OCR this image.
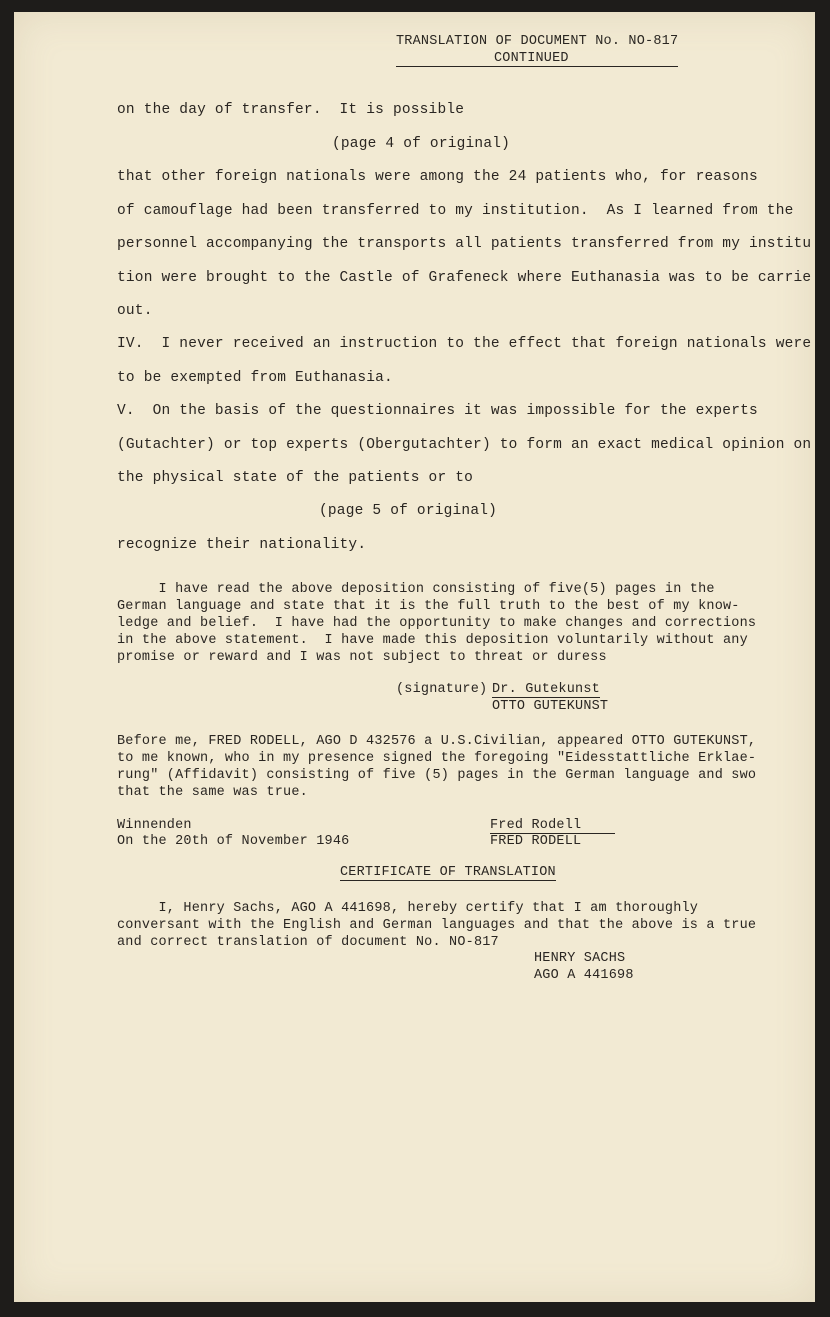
TRANSLATION OF DOCUMENT No. NO-817
CONTINUED
on the day of transfer.  It is possible
(page 4 of original)
that other foreign nationals were among the 24 patients who, for reasons
of camouflage had been transferred to my institution.  As I learned from the
personnel accompanying the transports all patients transferred from my institu
tion were brought to the Castle of Grafeneck where Euthanasia was to be carrie
out.
IV.  I never received an instruction to the effect that foreign nationals were
to be exempted from Euthanasia.
V.  On the basis of the questionnaires it was impossible for the experts
(Gutachter) or top experts (Obergutachter) to form an exact medical opinion on
the physical state of the patients or to
(page 5 of original)
recognize their nationality.
I have read the above deposition consisting of five(5) pages in the
German language and state that it is the full truth to the best of my know-
ledge and belief.  I have had the opportunity to make changes and corrections
in the above statement.  I have made this deposition voluntarily without any
promise or reward and I was not subject to threat or duress
(signature) Dr. Gutekunst
OTTO GUTEKUNST
Before me, FRED RODELL, AGO D 432576 a U.S.Civilian, appeared OTTO GUTEKUNST,
to me known, who in my presence signed the foregoing "Eidesstattliche Erklae-
rung" (Affidavit) consisting of five (5) pages in the German language and swo
that the same was true.
Winnenden
On the 20th of November 1946
Fred Rodell
FRED RODELL
CERTIFICATE OF TRANSLATION
I, Henry Sachs, AGO A 441698, hereby certify that I am thoroughly
conversant with the English and German languages and that the above is a true
and correct translation of document No. NO-817
HENRY SACHS
AGO A 441698
